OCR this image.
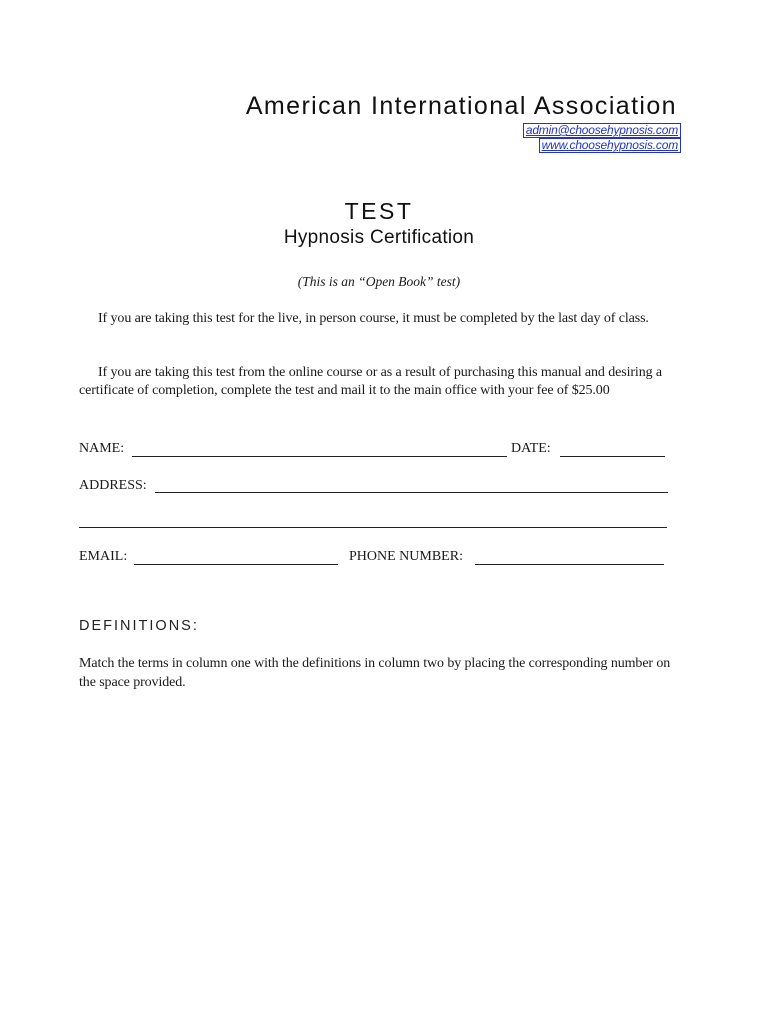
American International Association
admin@choosehypnosis.com
www.choosehypnosis.com
TEST
Hypnosis Certification
(This is an “Open Book” test)
If you are taking this test for the live, in person course, it must be completed by the last day of class.
If you are taking this test from the online course or as a result of purchasing this manual and desiring a certificate of completion, complete the test and mail it to the main office with your fee of $25.00
NAME:	DATE:
ADDRESS:
EMAIL:	PHONE NUMBER:
DEFINITIONS:
Match the terms in column one with the definitions in column two by placing the corresponding number on the space provided.
